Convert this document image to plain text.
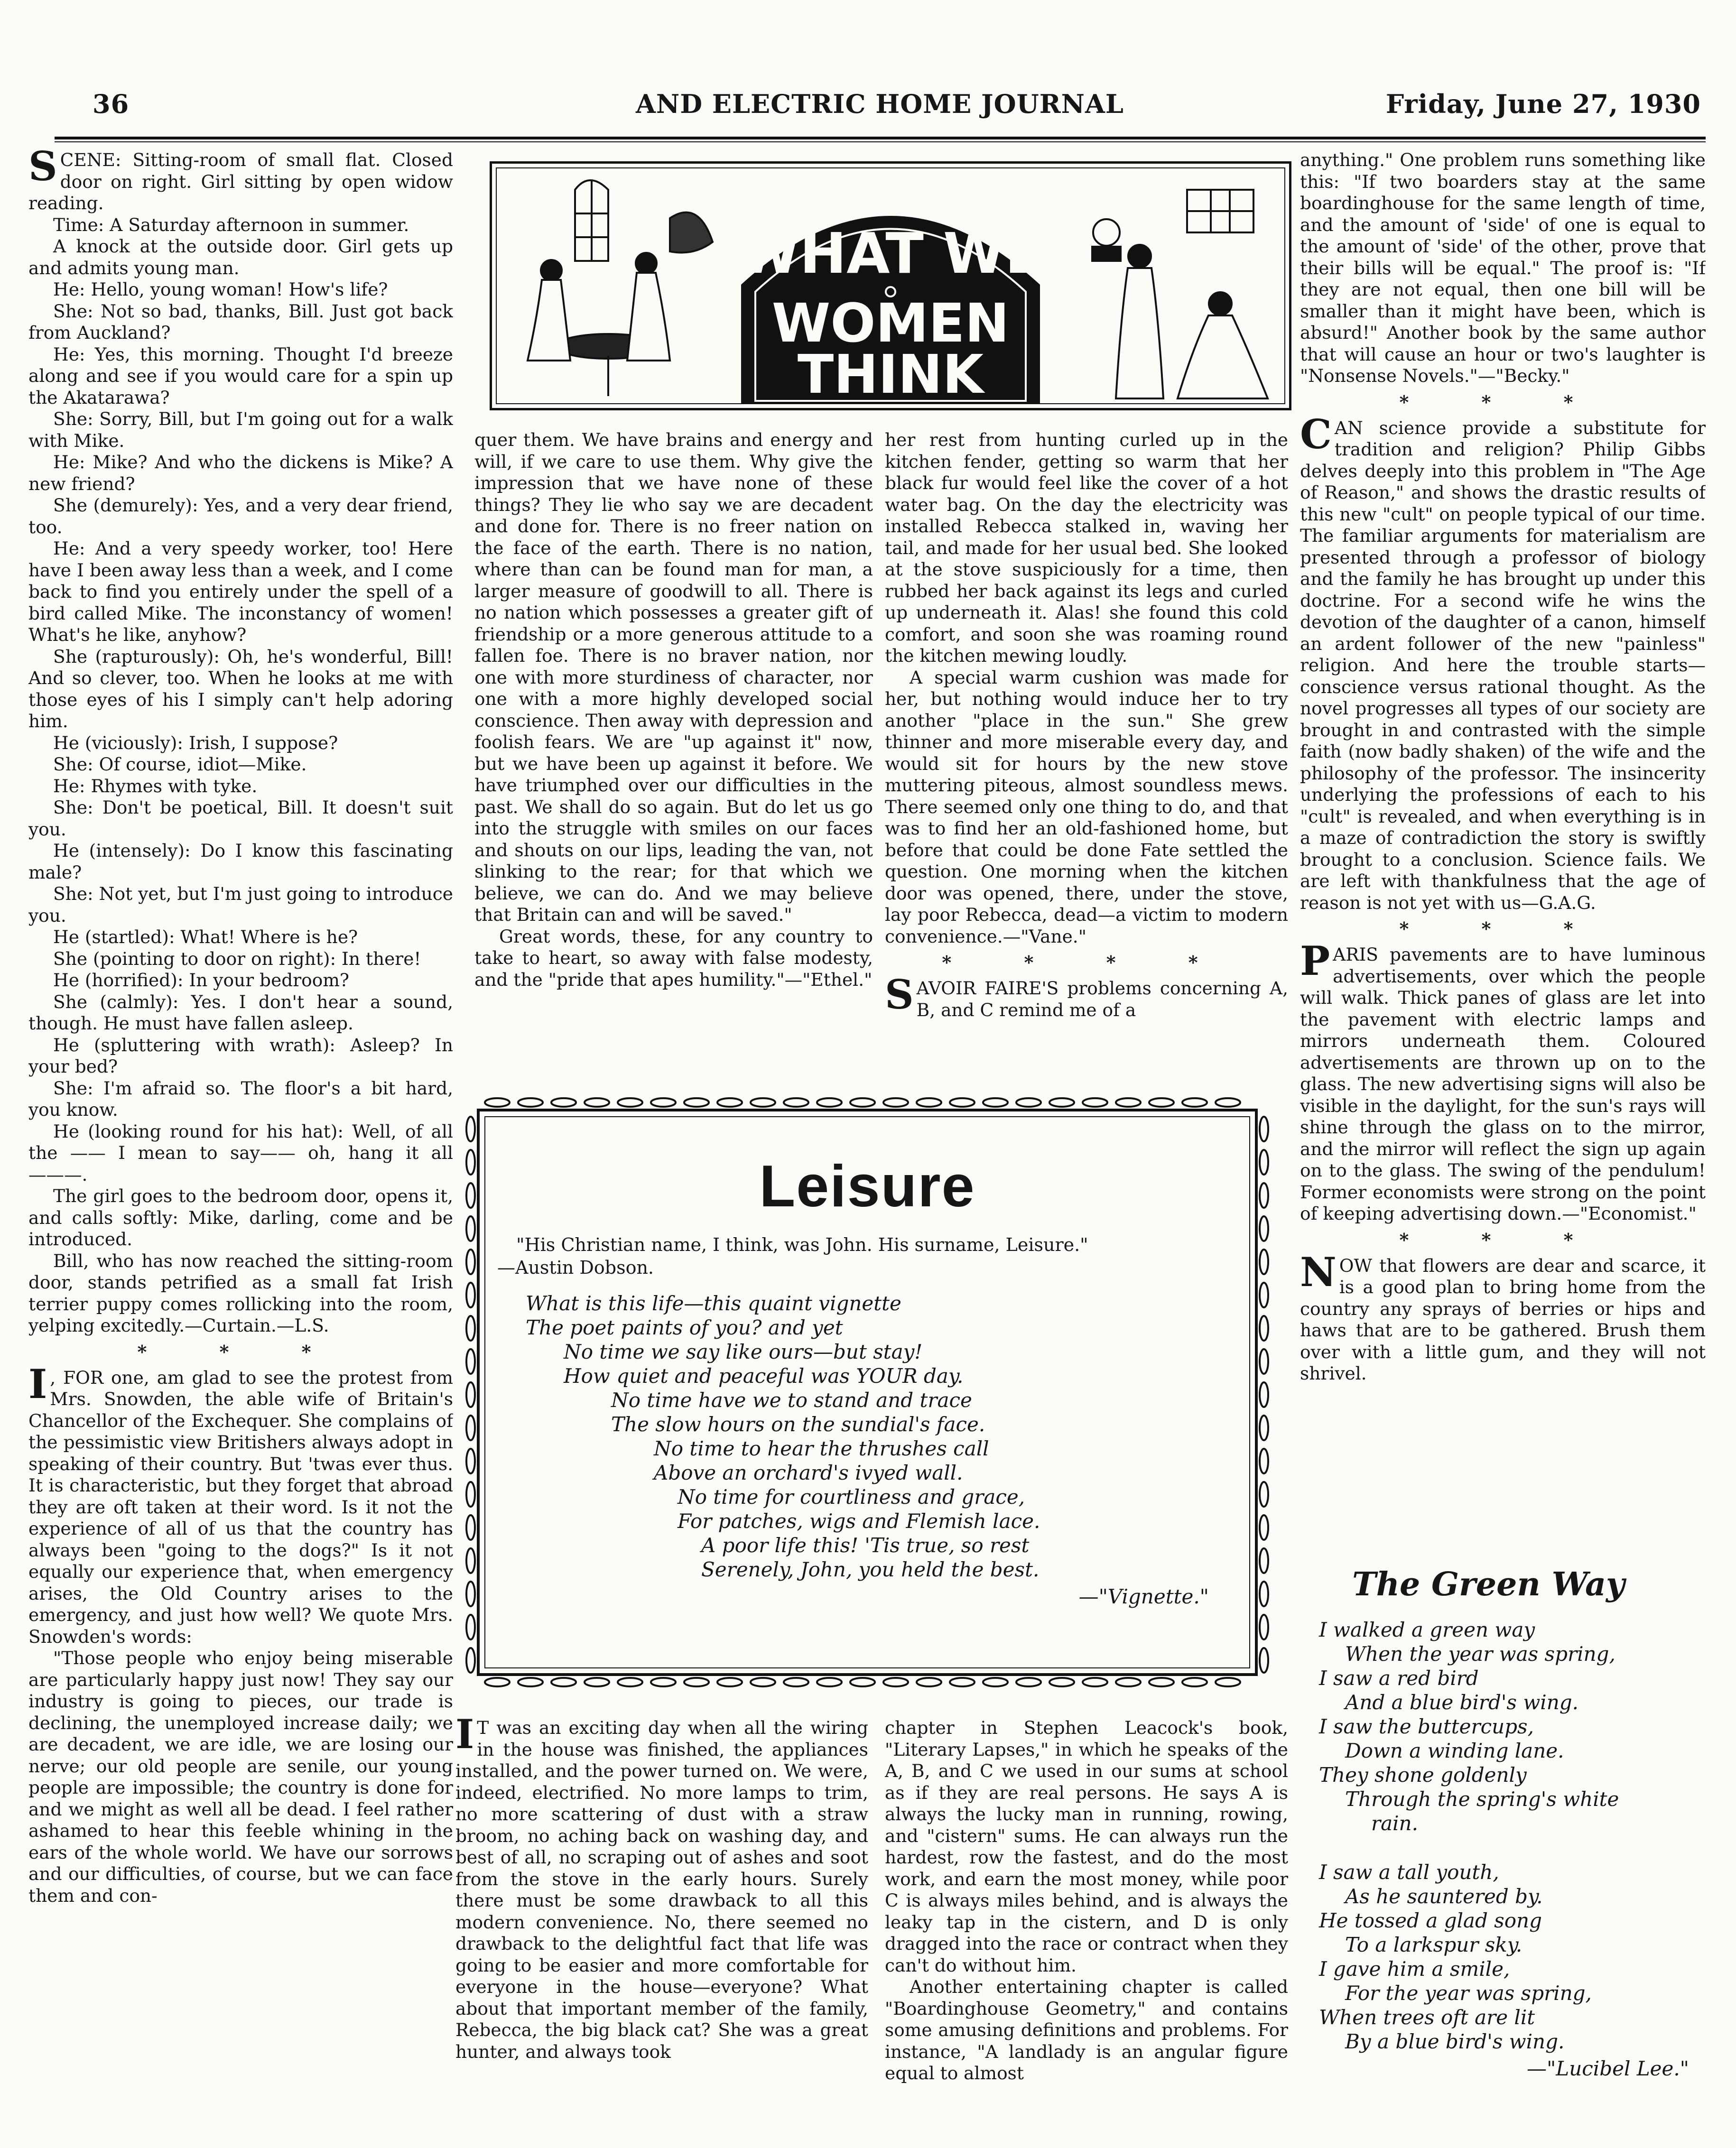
36	AND ELECTRIC HOME JOURNAL	Friday, June 27, 1930
WHAT WE
WOMEN
THINK

SCENE: Sitting-room of small flat. Closed door on right. Girl sitting by open widow reading.

Time: A Saturday afternoon in summer.

A knock at the outside door. Girl gets up and admits young man.

He: Hello, young woman! How's life?

She: Not so bad, thanks, Bill. Just got back from Auckland?

He: Yes, this morning. Thought I'd breeze along and see if you would care for a spin up the Akatarawa?

She: Sorry, Bill, but I'm going out for a walk with Mike.

He: Mike? And who the dickens is Mike? A new friend?

She (demurely): Yes, and a very dear friend, too.

He: And a very speedy worker, too! Here have I been away less than a week, and I come back to find you entirely under the spell of a bird called Mike. The inconstancy of women! What's he like, anyhow?

She (rapturously): Oh, he's wonderful, Bill! And so clever, too. When he looks at me with those eyes of his I simply can't help adoring him.

He (viciously): Irish, I suppose?

She: Of course, idiot—Mike.

He: Rhymes with tyke.

She: Don't be poetical, Bill. It doesn't suit you.

He (intensely): Do I know this fascinating male?

She: Not yet, but I'm just going to introduce you.

He (startled): What! Where is he?

She (pointing to door on right): In there!

He (horrified): In your bedroom?

She (calmly): Yes. I don't hear a sound, though. He must have fallen asleep.

He (spluttering with wrath): Asleep? In your bed?

She: I'm afraid so. The floor's a bit hard, you know.

He (looking round for his hat): Well, of all the —— I mean to say—— oh, hang it all ———.

The girl goes to the bedroom door, opens it, and calls softly: Mike, darling, come and be introduced.

Bill, who has now reached the sitting-room door, stands petrified as a small fat Irish terrier puppy comes rollicking into the room, yelping excitedly.—Curtain.—L.S.

* * *

I , FOR one, am glad to see the protest from Mrs. Snowden, the able wife of Britain's Chancellor of the Exchequer. She complains of the pessimistic view Britishers always adopt in speaking of their country. But 'twas ever thus. It is characteristic, but they forget that abroad they are oft taken at their word. Is it not the experience of all of us that the country has always been "going to the dogs?" Is it not equally our experience that, when emergency arises, the Old Country arises to the emergency, and just how well? We quote Mrs. Snowden's words:

"Those people who enjoy being miserable are particularly happy just now! They say our industry is going to pieces, our trade is declining, the unemployed increase daily; we are decadent, we are idle, we are losing our nerve; our old people are senile, our young people are impossible; the country is done for and we might as well all be dead. I feel rather ashamed to hear this feeble whining in the ears of the whole world. We have our sorrows and our difficulties, of course, but we can face them and con-

quer them. We have brains and energy and will, if we care to use them. Why give the impression that we have none of these things? They lie who say we are decadent and done for. There is no freer nation on the face of the earth. There is no nation, where than can be found man for man, a larger measure of goodwill to all. There is no nation which possesses a greater gift of friendship or a more generous attitude to a fallen foe. There is no braver nation, nor one with more sturdiness of character, nor one with a more highly developed social conscience. Then away with depression and foolish fears. We are "up against it" now, but we have been up against it before. We have triumphed over our difficulties in the past. We shall do so again. But do let us go into the struggle with smiles on our faces and shouts on our lips, leading the van, not slinking to the rear; for that which we believe, we can do. And we may believe that Britain can and will be saved."

Great words, these, for any country to take to heart, so away with false modesty, and the "pride that apes humility."—"Ethel."

her rest from hunting curled up in the kitchen fender, getting so warm that her black fur would feel like the cover of a hot water bag. On the day the electricity was installed Rebecca stalked in, waving her tail, and made for her usual bed. She looked at the stove suspiciously for a time, then rubbed her back against its legs and curled up underneath it. Alas! she found this cold comfort, and soon she was roaming round the kitchen mewing loudly.

A special warm cushion was made for her, but nothing would induce her to try another "place in the sun." She grew thinner and more miserable every day, and would sit for hours by the new stove muttering piteous, almost soundless mews. There seemed only one thing to do, and that was to find her an old-fashioned home, but before that could be done Fate settled the question. One morning when the kitchen door was opened, there, under the stove, lay poor Rebecca, dead—a victim to modern convenience.—"Vane."

* * * *

SAVOIR FAIRE'S problems concerning A, B, and C remind me of a

anything." One problem runs something like this: "If two boarders stay at the same boardinghouse for the same length of time, and the amount of 'side' of one is equal to the amount of 'side' of the other, prove that their bills will be equal." The proof is: "If they are not equal, then one bill will be smaller than it might have been, which is absurd!" Another book by the same author that will cause an hour or two's laughter is "Nonsense Novels."—"Becky."

* * *

CAN science provide a substitute for tradition and religion? Philip Gibbs delves deeply into this problem in "The Age of Reason," and shows the drastic results of this new "cult" on people typical of our time. The familiar arguments for materialism are presented through a professor of biology and the family he has brought up under this doctrine. For a second wife he wins the devotion of the daughter of a canon, himself an ardent follower of the new "painless" religion. And here the trouble starts—conscience versus rational thought. As the novel progresses all types of our society are brought in and contrasted with the simple faith (now badly shaken) of the wife and the philosophy of the professor. The insincerity underlying the professions of each to his "cult" is revealed, and when everything is in a maze of contradiction the story is swiftly brought to a conclusion. Science fails. We are left with thankfulness that the age of reason is not yet with us—G.A.G.

* * *

PARIS pavements are to have luminous advertisements, over which the people will walk. Thick panes of glass are let into the pavement with electric lamps and mirrors underneath them. Coloured advertisements are thrown up on to the glass. The new advertising signs will also be visible in the daylight, for the sun's rays will shine through the glass on to the mirror, and the mirror will reflect the sign up again on to the glass. The swing of the pendulum! Former economists were strong on the point of keeping advertising down.—"Economist."

* * *

NOW that flowers are dear and scarce, it is a good plan to bring home from the country any sprays of berries or hips and haws that are to be gathered. Brush them over with a little gum, and they will not shrivel.

Leisure
"His Christian name, I think, was John. His surname, Leisure."
—Austin Dobson.
What is this life—this quaint vignette
The poet paints of you? and yet
No time we say like ours—but stay!
How quiet and peaceful was YOUR day.
No time have we to stand and trace
The slow hours on the sundial's face.
No time to hear the thrushes call
Above an orchard's ivyed wall.
No time for courtliness and grace,
For patches, wigs and Flemish lace.
A poor life this! 'Tis true, so rest
Serenely, John, you held the best.
—"Vignette."

I T was an exciting day when all the wiring in the house was finished, the appliances installed, and the power turned on. We were, indeed, electrified. No more lamps to trim, no more scattering of dust with a straw broom, no aching back on washing day, and best of all, no scraping out of ashes and soot from the stove in the early hours. Surely there must be some drawback to all this modern convenience. No, there seemed no drawback to the delightful fact that life was going to be easier and more comfortable for everyone in the house—everyone? What about that important member of the family, Rebecca, the big black cat? She was a great hunter, and always took

chapter in Stephen Leacock's book, "Literary Lapses," in which he speaks of the A, B, and C we used in our sums at school as if they are real persons. He says A is always the lucky man in running, rowing, and "cistern" sums. He can always run the hardest, row the fastest, and do the most work, and earn the most money, while poor C is always miles behind, and is always the leaky tap in the cistern, and D is only dragged into the race or contract when they can't do without him.

Another entertaining chapter is called "Boardinghouse Geometry," and contains some amusing definitions and problems. For instance, "A landlady is an angular figure equal to almost

The Green Way
I walked a green way
When the year was spring,
I saw a red bird
And a blue bird's wing.
I saw the buttercups,
Down a winding lane.
They shone goldenly
Through the spring's white
rain.
I saw a tall youth,
As he sauntered by.
He tossed a glad song
To a larkspur sky.
I gave him a smile,
For the year was spring,
When trees oft are lit
By a blue bird's wing.
—"Lucibel Lee."
